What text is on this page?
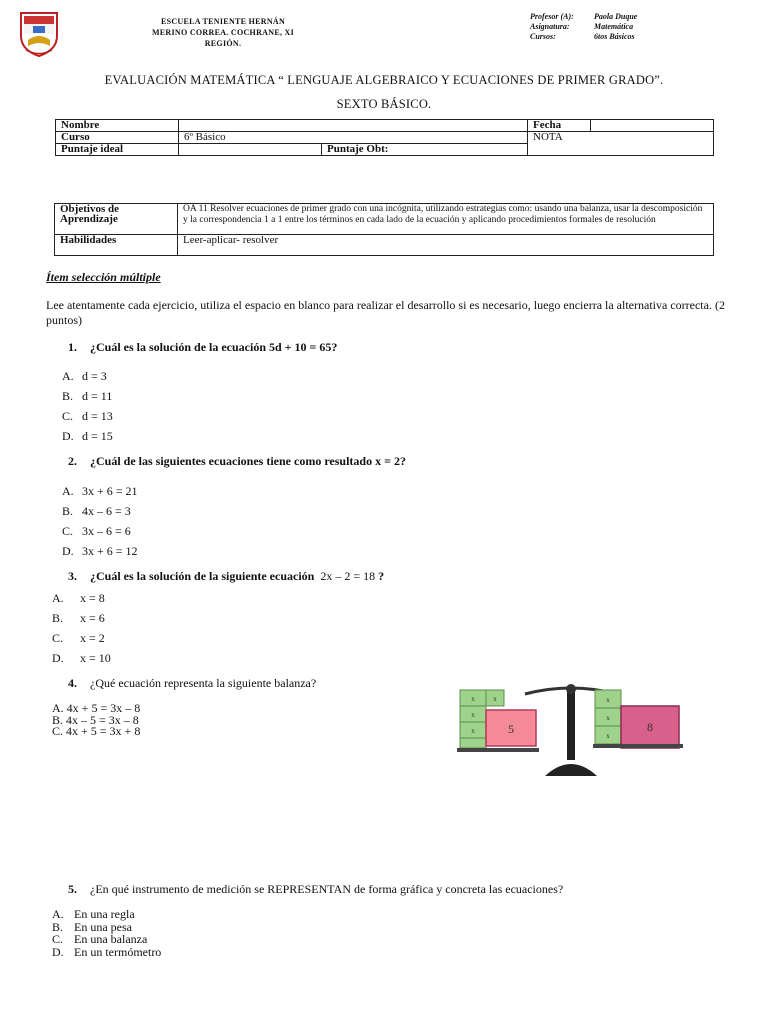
ESCUELA TENIENTE HERNÁN
MERINO CORREA. COCHRANE, XI
REGIÓN.
Profesor (A):	Paola Duque
Asignatura:	Matemática
Cursos:	6tos Básicos
EVALUACIÓN MATEMÁTICA “ LENGUAJE ALGEBRAICO Y ECUACIONES DE PRIMER GRADO”.
SEXTO BÁSICO.
Nombre			Fecha	
Curso	6º Básico		NOTA	
Puntaje ideal		Puntaje Obt:		
Objetivos de Aprendizaje	OA 11 Resolver ecuaciones de primer grado con una incógnita, utilizando estrategias como: usando una balanza, usar la descomposición y la correspondencia 1 a 1 entre los términos en cada lado de la ecuación y aplicando procedimientos formales de resolución
Habilidades	Leer-aplicar- resolver
Ítem selección múltiple
Lee atentamente cada ejercicio, utiliza el espacio en blanco para realizar el desarrollo si es necesario, luego encierra la alternativa correcta. (2 puntos)
1. ¿Cuál es la solución de la ecuación 5d + 10 = 65?
A. d = 3
B. d = 11
C. d = 13
D. d = 15
2. ¿Cuál de las siguientes ecuaciones tiene como resultado x = 2?
A. 3x + 6 = 21
B. 4x – 6 = 3
C. 3x – 6 = 6
D. 3x + 6 = 12
3. ¿Cuál es la solución de la siguiente ecuación 2x – 2 = 18 ?
A. x = 8
B. x = 6
C. x = 2
D. x = 10
4. ¿Qué ecuación representa la siguiente balanza?
A. 4x + 5 = 3x – 8
B. 4x – 5 = 3x – 8
C. 4x + 5 = 3x + 8
x	x
x
x	5
x
x
x
8
5. ¿En qué instrumento de medición se REPRESENTAN de forma gráfica y concreta las ecuaciones?
A. En una regla
B. En una pesa
C. En una balanza
D. En un termómetro
